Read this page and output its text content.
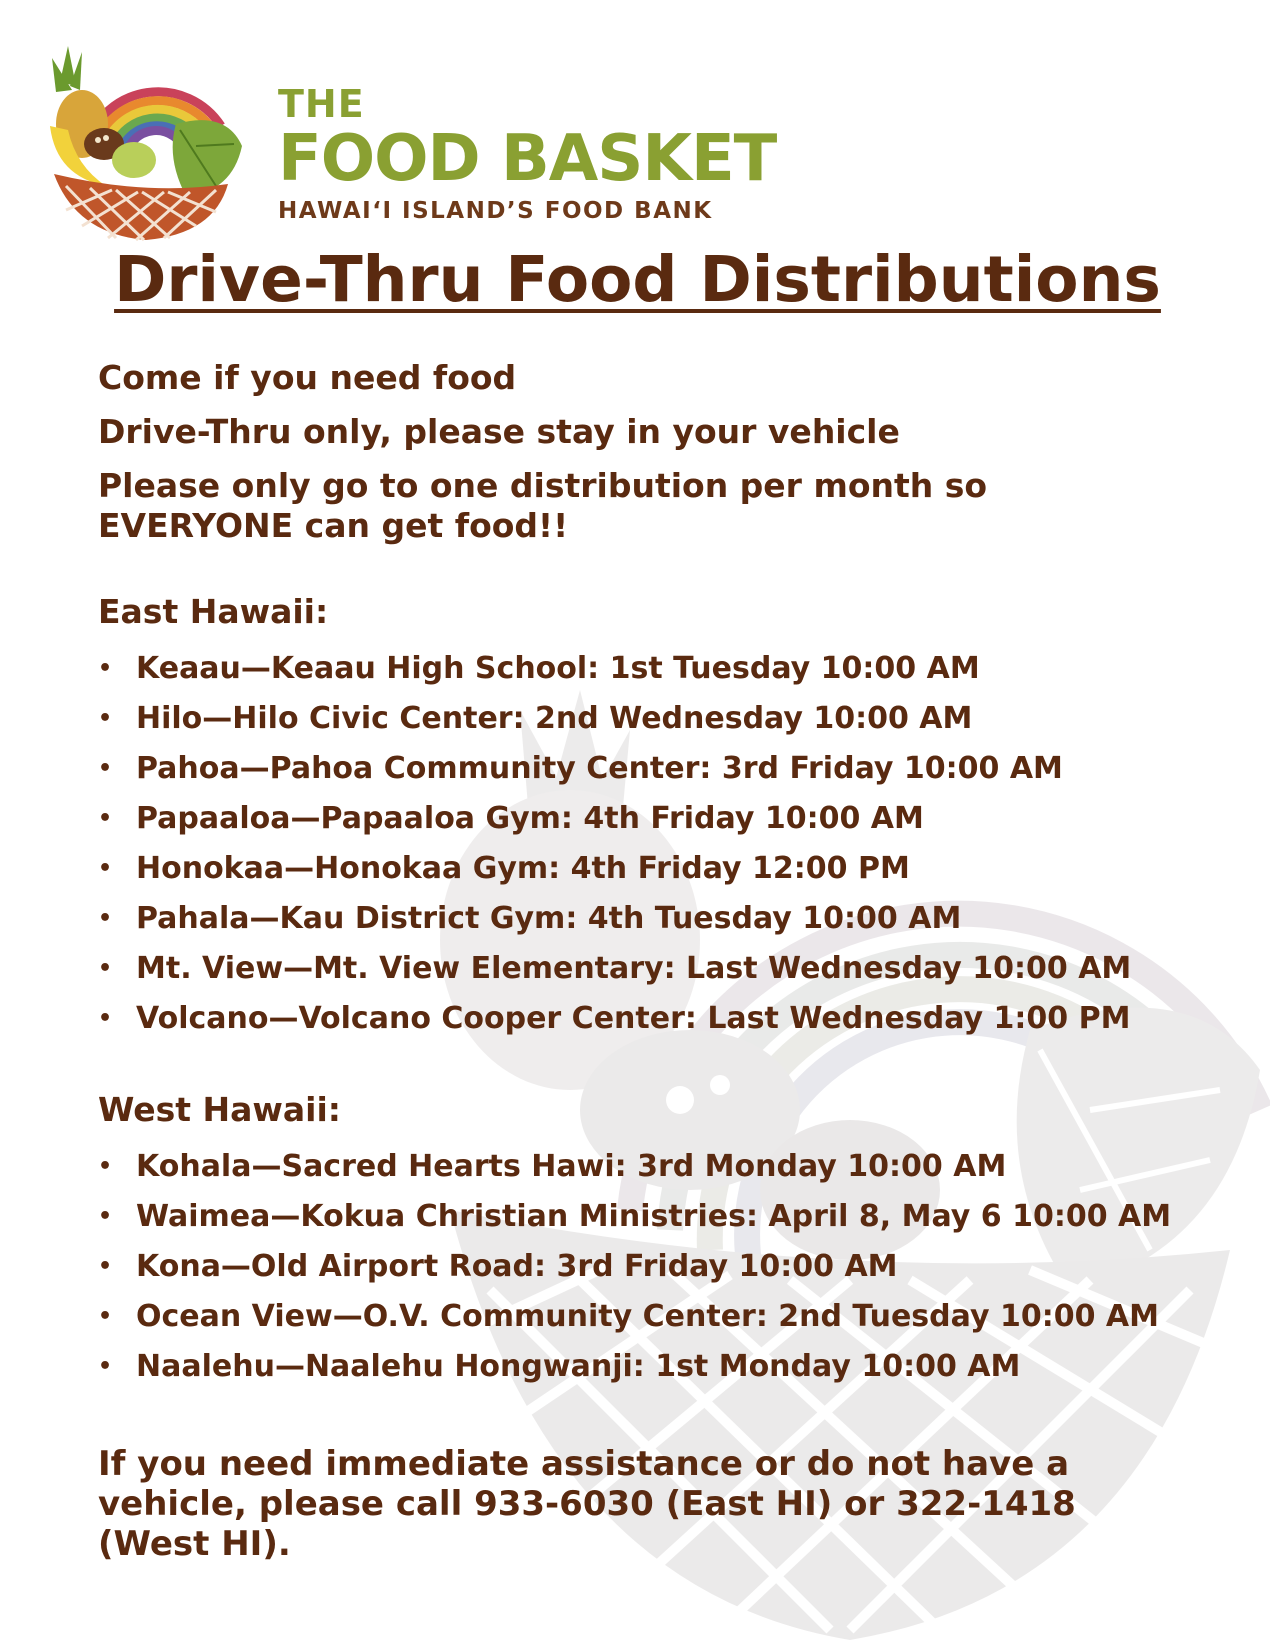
THE
FOOD BASKET
HAWAI‘I ISLAND’S FOOD BANK
Drive-Thru Food Distributions

Come if you need food

Drive-Thru only, please stay in your vehicle

Please only go to one distribution per month so EVERYONE can get food!!

East Hawaii:
• Keaau—Keaau High School: 1st Tuesday 10:00 AM
• Hilo—Hilo Civic Center: 2nd Wednesday 10:00 AM
• Pahoa—Pahoa Community Center: 3rd Friday 10:00 AM
• Papaaloa—Papaaloa Gym: 4th Friday 10:00 AM
• Honokaa—Honokaa Gym: 4th Friday 12:00 PM
• Pahala—Kau District Gym: 4th Tuesday 10:00 AM
• Mt. View—Mt. View Elementary: Last Wednesday 10:00 AM
• Volcano—Volcano Cooper Center: Last Wednesday 1:00 PM
West Hawaii:
• Kohala—Sacred Hearts Hawi: 3rd Monday 10:00 AM
• Waimea—Kokua Christian Ministries: April 8, May 6 10:00 AM
• Kona—Old Airport Road: 3rd Friday 10:00 AM
• Ocean View—O.V. Community Center: 2nd Tuesday 10:00 AM
• Naalehu—Naalehu Hongwanji: 1st Monday 10:00 AM

If you need immediate assistance or do not have a vehicle, please call 933-6030 (East HI) or 322-1418 (West HI).
